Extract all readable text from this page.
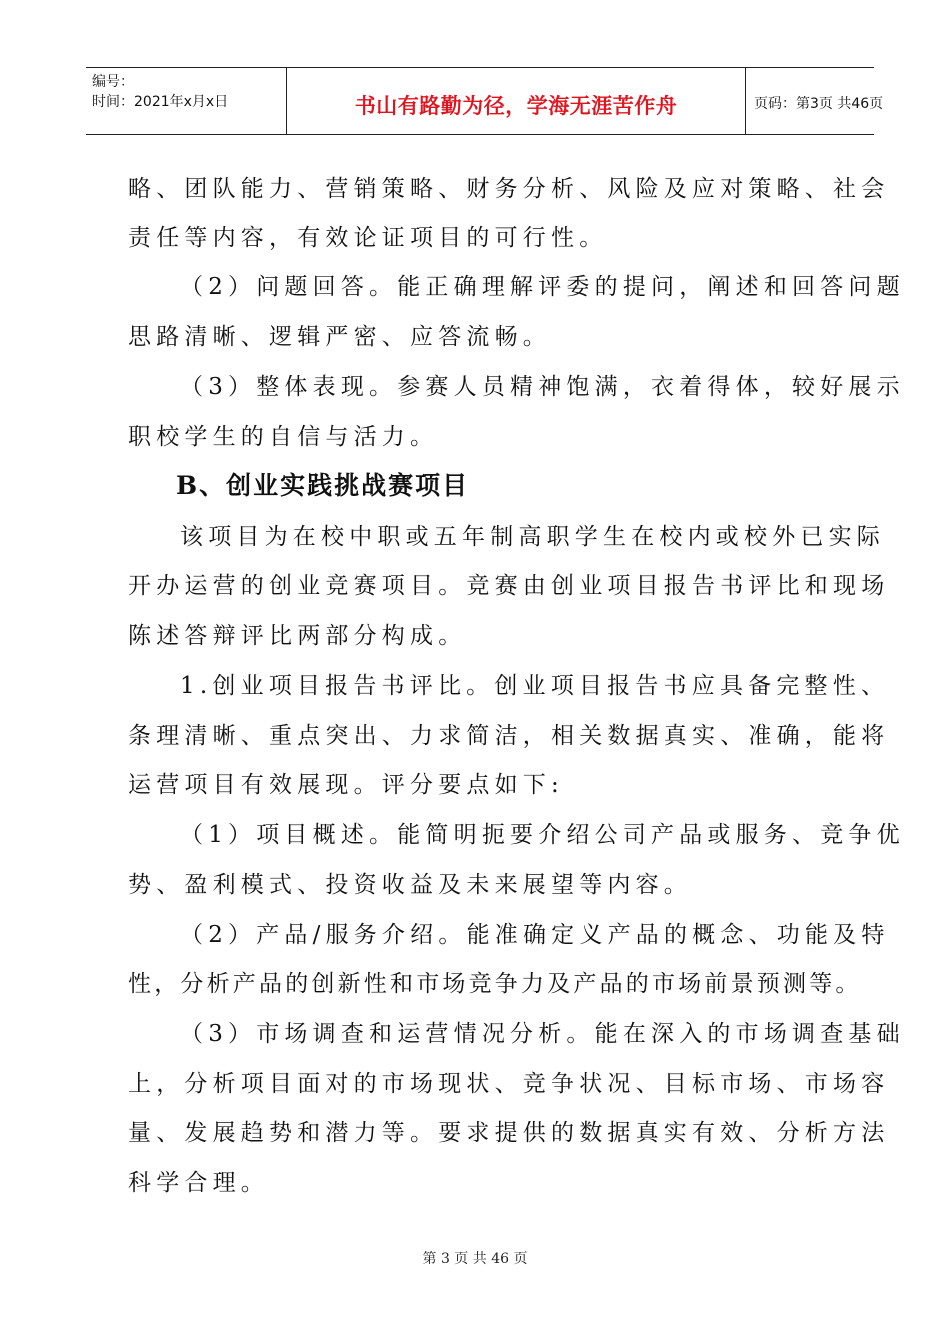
编号：
时间：2021年x月x日	书山有路勤为径，学海无涯苦作舟	页码：第3页 共46页
略、团队能力、营销策略、财务分析、风险及应对策略、社会
责任等内容，有效论证项目的可行性。
（2）问题回答。能正确理解评委的提问，阐述和回答问题
思路清晰、逻辑严密、应答流畅。
（3）整体表现。参赛人员精神饱满，衣着得体，较好展示
职校学生的自信与活力。
B、创业实践挑战赛项目
该项目为在校中职或五年制高职学生在校内或校外已实际
开办运营的创业竞赛项目。竞赛由创业项目报告书评比和现场
陈述答辩评比两部分构成。
1.创业项目报告书评比。创业项目报告书应具备完整性、
条理清晰、重点突出、力求简洁，相关数据真实、准确，能将
运营项目有效展现。评分要点如下:
（1）项目概述。能简明扼要介绍公司产品或服务、竞争优
势、盈利模式、投资收益及未来展望等内容。
（2）产品/服务介绍。能准确定义产品的概念、功能及特
性，分析产品的创新性和市场竞争力及产品的市场前景预测等。
（3）市场调查和运营情况分析。能在深入的市场调查基础
上，分析项目面对的市场现状、竞争状况、目标市场、市场容
量、发展趋势和潜力等。要求提供的数据真实有效、分析方法
科学合理。
第 3 页 共 46 页
